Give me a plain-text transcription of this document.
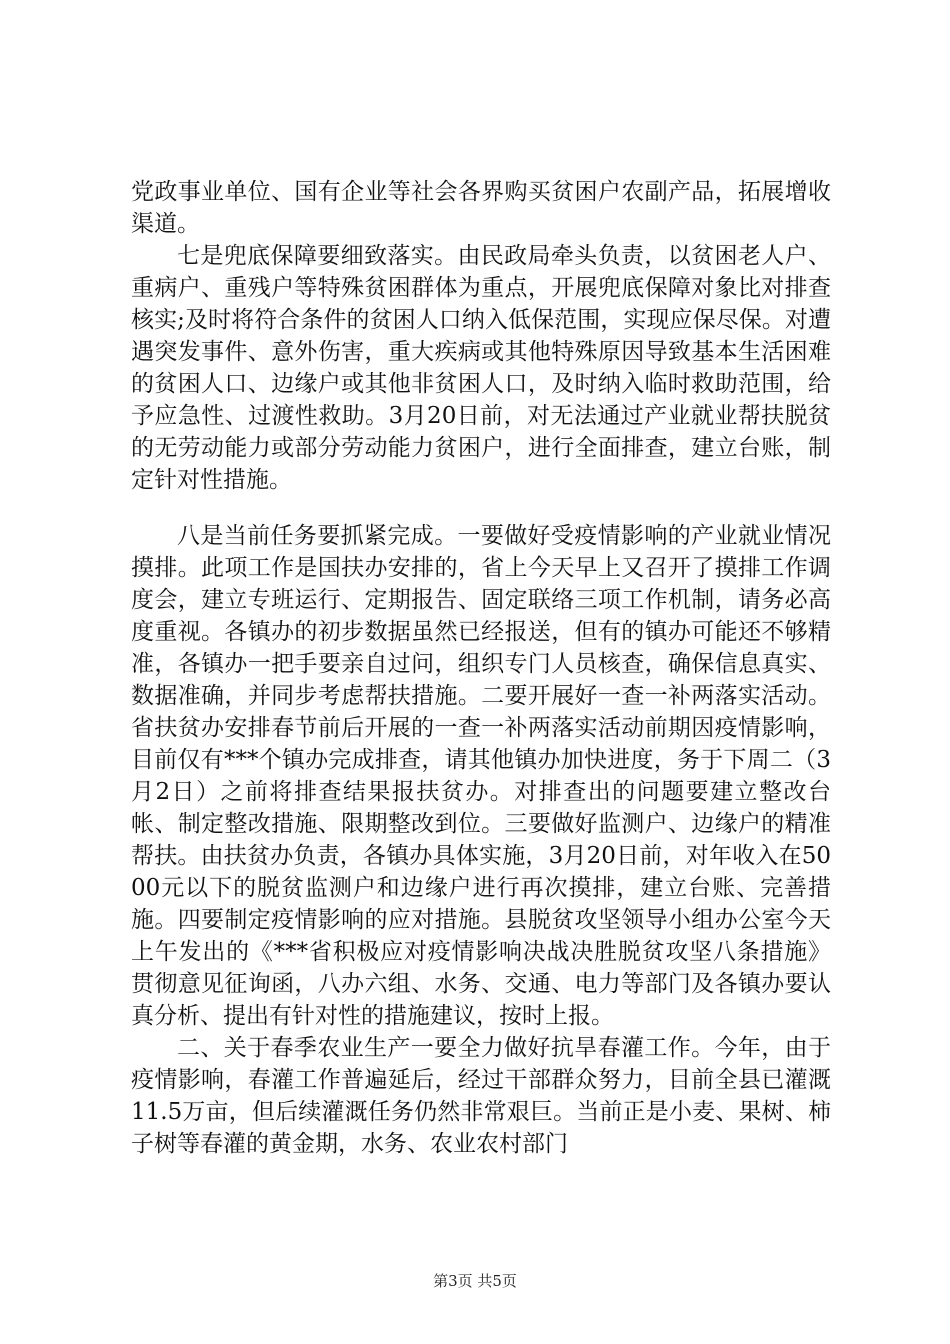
党政事业单位、国有企业等社会各界购买贫困户农副产品，拓展增收渠道。

七是兜底保障要细致落实。由民政局牵头负责，以贫困老人户、重病户、重残户等特殊贫困群体为重点，开展兜底保障对象比对排查核实;及时将符合条件的贫困人口纳入低保范围，实现应保尽保。对遭遇突发事件、意外伤害，重大疾病或其他特殊原因导致基本生活困难的贫困人口、边缘户或其他非贫困人口，及时纳入临时救助范围，给予应急性、过渡性救助。3月20日前，对无法通过产业就业帮扶脱贫的无劳动能力或部分劳动能力贫困户，进行全面排查，建立台账，制定针对性措施。

八是当前任务要抓紧完成。一要做好受疫情影响的产业就业情况摸排。此项工作是国扶办安排的，省上今天早上又召开了摸排工作调度会，建立专班运行、定期报告、固定联络三项工作机制，请务必高度重视。各镇办的初步数据虽然已经报送，但有的镇办可能还不够精准，各镇办一把手要亲自过问，组织专门人员核查，确保信息真实、数据准确，并同步考虑帮扶措施。二要开展好一查一补两落实活动。省扶贫办安排春节前后开展的一查一补两落实活动前期因疫情影响，目前仅有***个镇办完成排查，请其他镇办加快进度，务于下周二（3月2日）之前将排查结果报扶贫办。对排查出的问题要建立整改台帐、制定整改措施、限期整改到位。三要做好监测户、边缘户的精准帮扶。由扶贫办负责，各镇办具体实施，3月20日前，对年收入在5000元以下的脱贫监测户和边缘户进行再次摸排，建立台账、完善措施。四要制定疫情影响的应对措施。县脱贫攻坚领导小组办公室今天上午发出的《***省积极应对疫情影响决战决胜脱贫攻坚八条措施》贯彻意见征询函，八办六组、水务、交通、电力等部门及各镇办要认真分析、提出有针对性的措施建议，按时上报。

二、关于春季农业生产一要全力做好抗旱春灌工作。今年，由于疫情影响，春灌工作普遍延后，经过干部群众努力，目前全县已灌溉11.5万亩，但后续灌溉任务仍然非常艰巨。当前正是小麦、果树、柿子树等春灌的黄金期，水务、农业农村部门

第3页 共5页
